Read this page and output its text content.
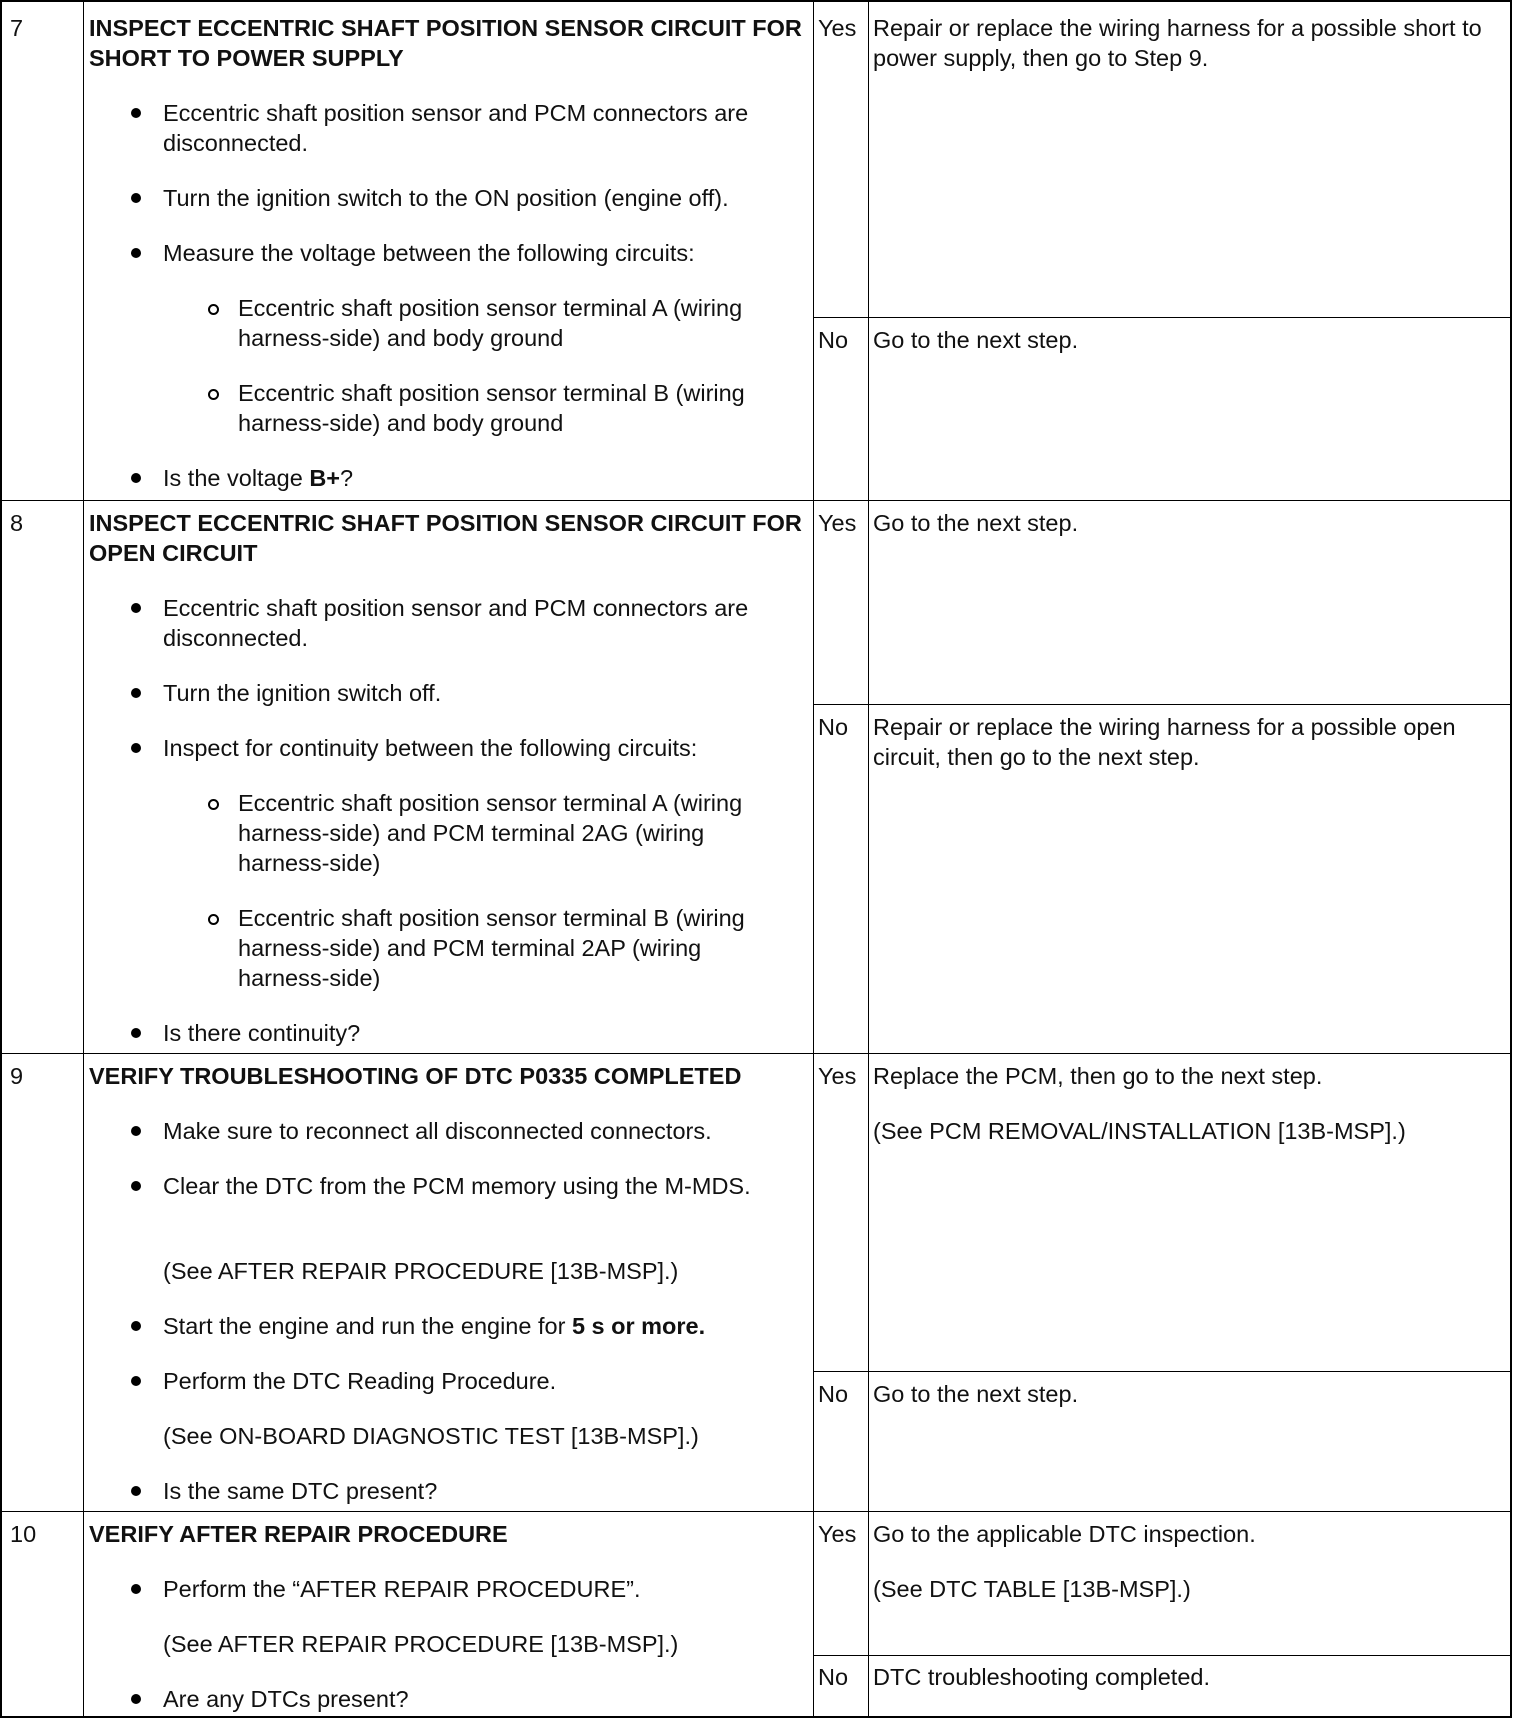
7	INSPECT ECCENTRIC SHAFT POSITION SENSOR CIRCUIT FOR SHORT TO POWER SUPPLY
Eccentric shaft position sensor and PCM connectors are disconnected.
Turn the ignition switch to the ON position (engine off).
Measure the voltage between the following circuits:
Eccentric shaft position sensor terminal A (wiring harness-side) and body ground
Eccentric shaft position sensor terminal B (wiring harness-side) and body ground
Is the voltage B+?
Yes Repair or replace the wiring harness for a possible short to power supply, then go to Step 9.
No Go to the next step.
8	INSPECT ECCENTRIC SHAFT POSITION SENSOR CIRCUIT FOR OPEN CIRCUIT
Eccentric shaft position sensor and PCM connectors are disconnected.
Turn the ignition switch off.
Inspect for continuity between the following circuits:
Eccentric shaft position sensor terminal A (wiring harness-side) and PCM terminal 2AG (wiring harness-side)
Eccentric shaft position sensor terminal B (wiring harness-side) and PCM terminal 2AP (wiring harness-side)
Is there continuity?
Yes Go to the next step.
No Repair or replace the wiring harness for a possible open circuit, then go to the next step.
9	VERIFY TROUBLESHOOTING OF DTC P0335 COMPLETED
Make sure to reconnect all disconnected connectors.
Clear the DTC from the PCM memory using the M-MDS.
(See AFTER REPAIR PROCEDURE [13B-MSP].)
Start the engine and run the engine for 5 s or more.
Perform the DTC Reading Procedure.
(See ON-BOARD DIAGNOSTIC TEST [13B-MSP].)
Is the same DTC present?
Yes Replace the PCM, then go to the next step.
(See PCM REMOVAL/INSTALLATION [13B-MSP].)
No Go to the next step.
10 VERIFY AFTER REPAIR PROCEDURE
Perform the “AFTER REPAIR PROCEDURE”.
(See AFTER REPAIR PROCEDURE [13B-MSP].)
Are any DTCs present?
Yes Go to the applicable DTC inspection.
(See DTC TABLE [13B-MSP].)
No DTC troubleshooting completed.
